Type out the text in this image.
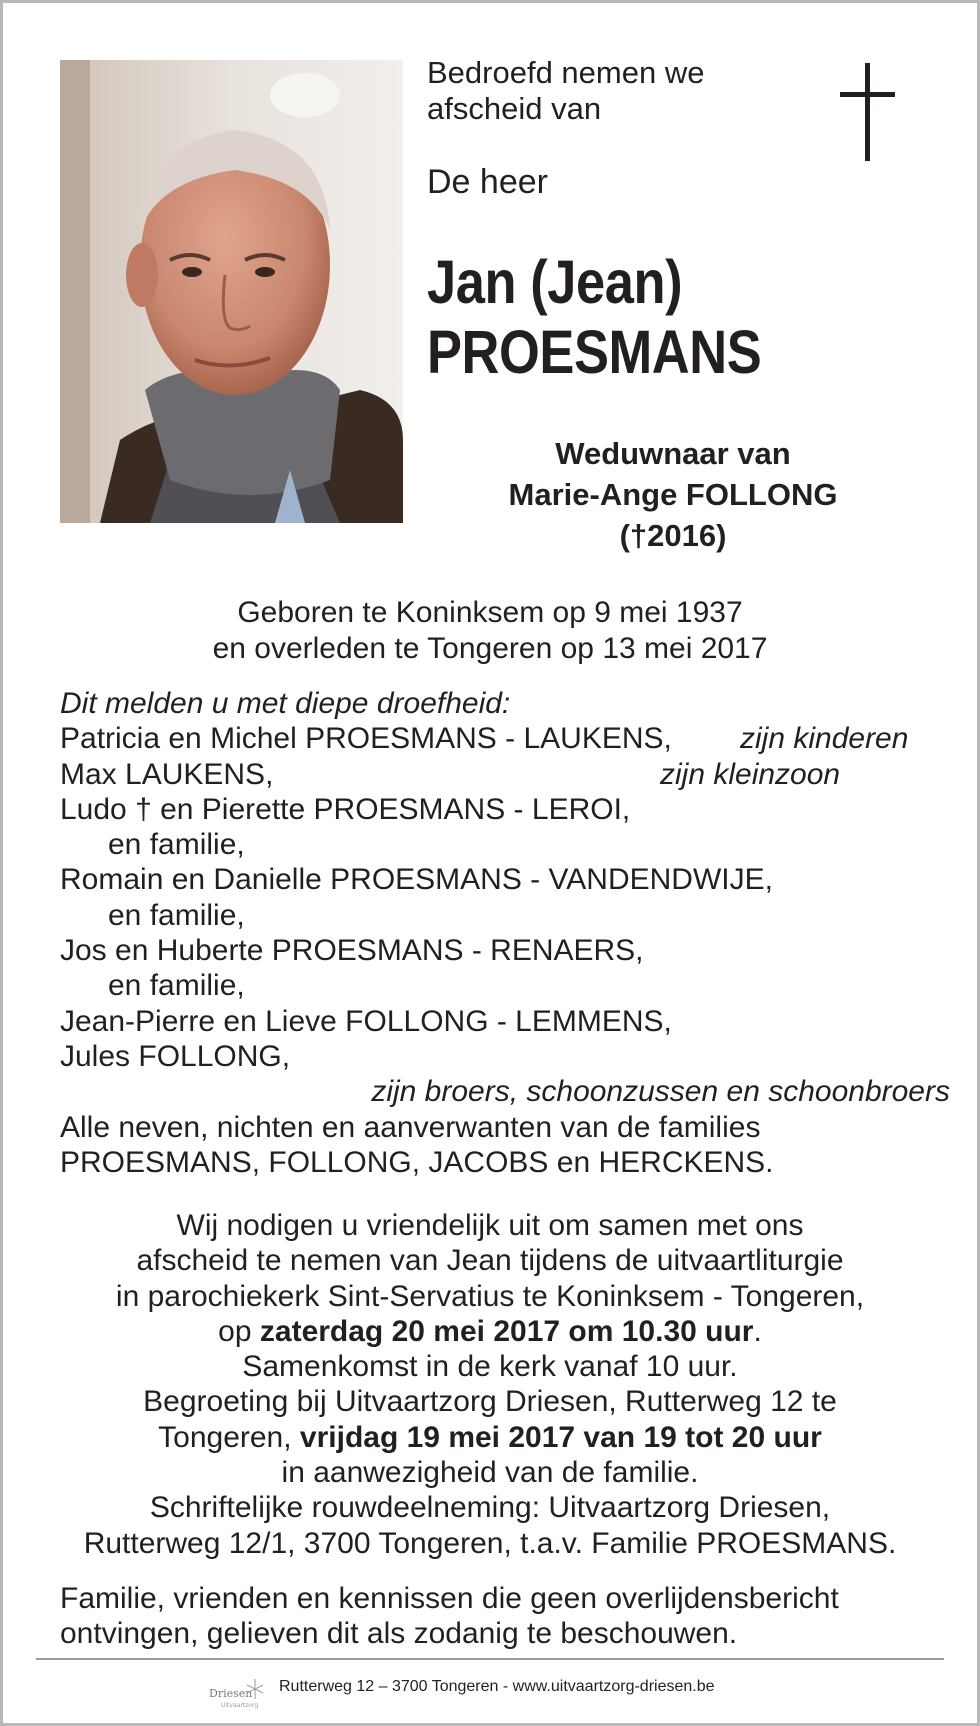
Bedroefd nemen we
afscheid van
De heer
Jan (Jean)
PROESMANS
Weduwnaar van
Marie-Ange FOLLONG
(†2016)
Geboren te Koninksem op 9 mei 1937
en overleden te Tongeren op 13 mei 2017
Dit melden u met diepe droefheid:
Patricia en Michel PROESMANS - LAUKENS, zijn kinderen
Max LAUKENS,	zijn kleinzoon
Ludo † en Pierette PROESMANS - LEROI,
en familie,
Romain en Danielle PROESMANS - VANDENDWIJE,
en familie,
Jos en Huberte PROESMANS - RENAERS,
en familie,
Jean-Pierre en Lieve FOLLONG - LEMMENS,
Jules FOLLONG,
zijn broers, schoonzussen en schoonbroers
Alle neven, nichten en aanverwanten van de families
PROESMANS, FOLLONG, JACOBS en HERCKENS.
Wij nodigen u vriendelijk uit om samen met ons
afscheid te nemen van Jean tijdens de uitvaartliturgie
in parochiekerk Sint-Servatius te Koninksem - Tongeren,
op zaterdag 20 mei 2017 om 10.30 uur.
Samenkomst in de kerk vanaf 10 uur.
Begroeting bij Uitvaartzorg Driesen, Rutterweg 12 te
Tongeren, vrijdag 19 mei 2017 van 19 tot 20 uur
in aanwezigheid van de familie.
Schriftelijke rouwdeelneming: Uitvaartzorg Driesen,
Rutterweg 12/1, 3700 Tongeren, t.a.v. Familie PROESMANS.
Familie, vrienden en kennissen die geen overlijdensbericht
ontvingen, gelieven dit als zodanig te beschouwen.
Driesen
Uitvaartzorg
Rutterweg 12 – 3700 Tongeren - www.uitvaartzorg-driesen.be
